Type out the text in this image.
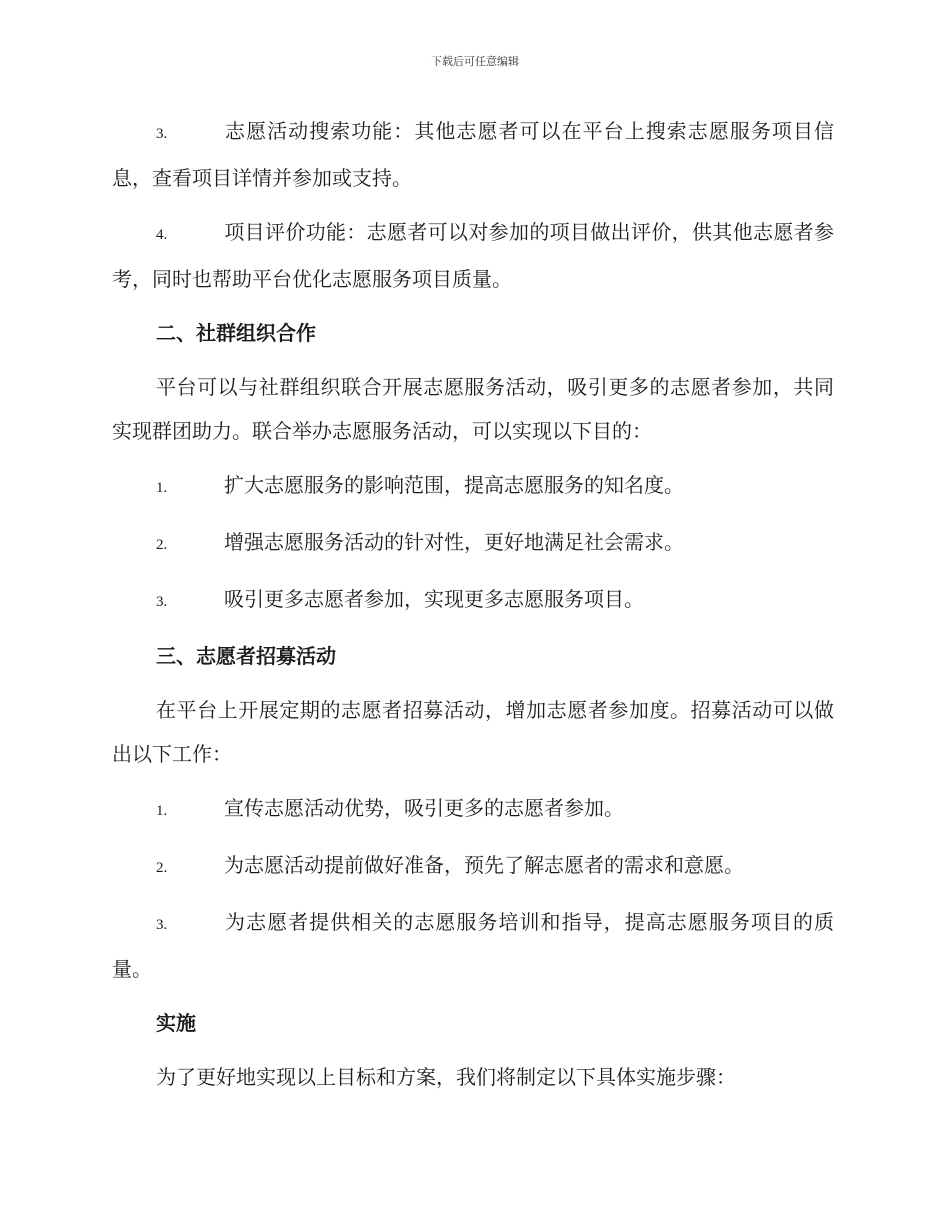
下载后可任意编辑

3.	志愿活动搜索功能：其他志愿者可以在平台上搜索志愿服务项目信息，查看项目详情并参加或支持。

4.	项目评价功能：志愿者可以对参加的项目做出评价，供其他志愿者参考，同时也帮助平台优化志愿服务项目质量。

二、社群组织合作

平台可以与社群组织联合开展志愿服务活动，吸引更多的志愿者参加，共同实现群团助力。联合举办志愿服务活动，可以实现以下目的：

1.	扩大志愿服务的影响范围，提高志愿服务的知名度。

2.	增强志愿服务活动的针对性，更好地满足社会需求。

3.	吸引更多志愿者参加，实现更多志愿服务项目。

三、志愿者招募活动

在平台上开展定期的志愿者招募活动，增加志愿者参加度。招募活动可以做出以下工作：

1.	宣传志愿活动优势，吸引更多的志愿者参加。

2.	为志愿活动提前做好准备，预先了解志愿者的需求和意愿。

3.	为志愿者提供相关的志愿服务培训和指导，提高志愿服务项目的质量。

实施

为了更好地实现以上目标和方案，我们将制定以下具体实施步骤：
